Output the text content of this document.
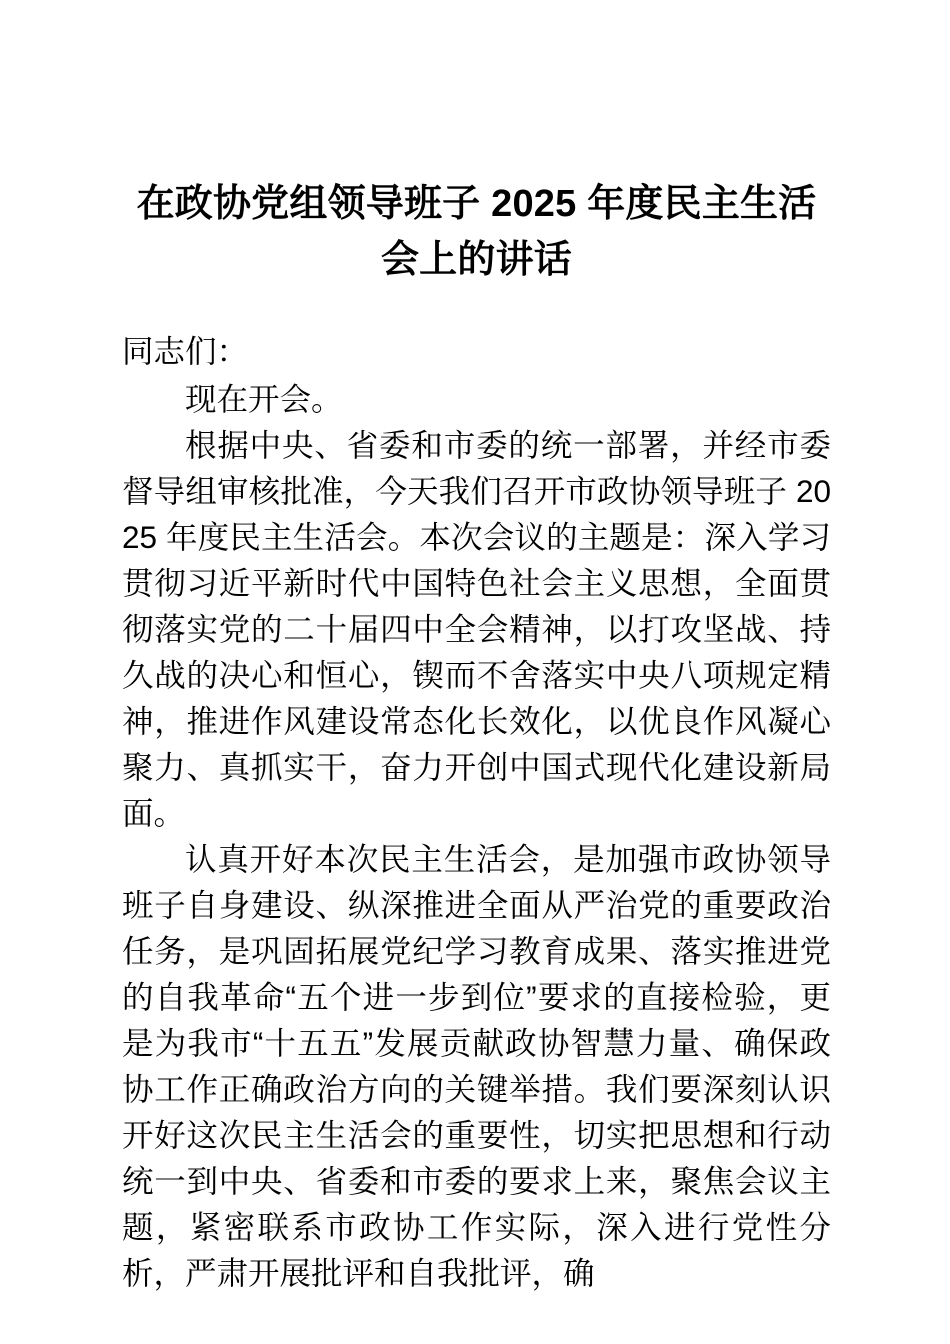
在政协党组领导班子 2025 年度民主生活会上的讲话

同志们：

现在开会。

根据中央、省委和市委的统一部署，并经市委督导组审核批准，今天我们召开市政协领导班子 2025 年度民主生活会。本次会议的主题是：深入学习贯彻习近平新时代中国特色社会主义思想，全面贯彻落实党的二十届四中全会精神，以打攻坚战、持久战的决心和恒心，锲而不舍落实中央八项规定精神，推进作风建设常态化长效化，以优良作风凝心聚力、真抓实干，奋力开创中国式现代化建设新局面。

认真开好本次民主生活会，是加强市政协领导班子自身建设、纵深推进全面从严治党的重要政治任务，是巩固拓展党纪学习教育成果、落实推进党的自我革命“五个进一步到位”要求的直接检验，更是为我市“十五五”发展贡献政协智慧力量、确保政协工作正确政治方向的关键举措。我们要深刻认识开好这次民主生活会的重要性，切实把思想和行动统一到中央、省委和市委的要求上来，聚焦会议主题，紧密联系市政协工作实际，深入进行党性分析，严肃开展批评和自我批评，确
